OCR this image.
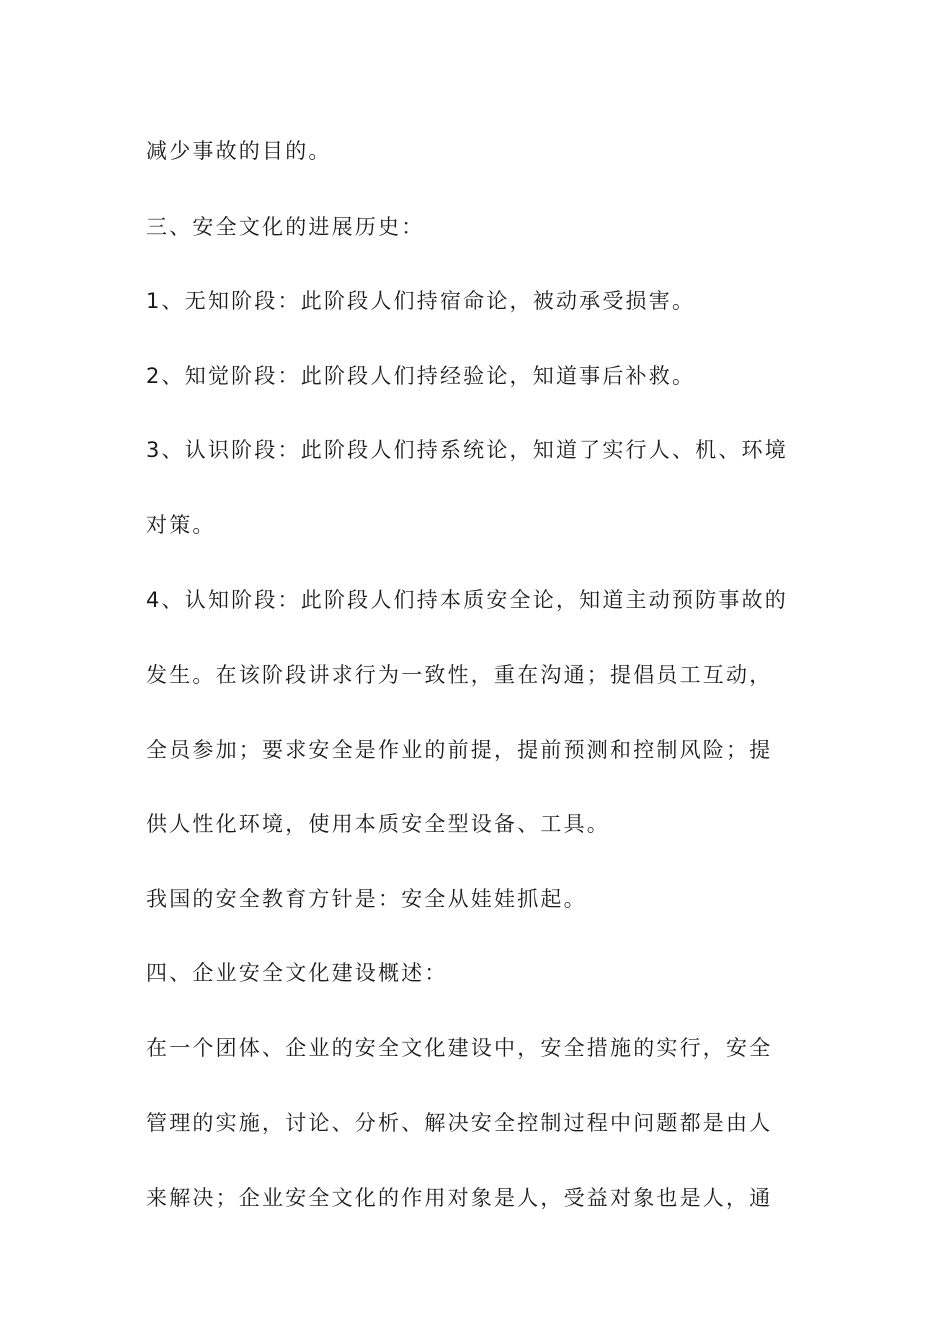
减少事故的目的。

三、安全文化的进展历史：

1、无知阶段：此阶段人们持宿命论，被动承受损害。

2、知觉阶段：此阶段人们持经验论，知道事后补救。

3、认识阶段：此阶段人们持系统论，知道了实行人、机、环境

对策。

4、认知阶段：此阶段人们持本质安全论，知道主动预防事故的

发生。在该阶段讲求行为一致性，重在沟通；提倡员工互动，

全员参加；要求安全是作业的前提，提前预测和控制风险；提

供人性化环境，使用本质安全型设备、工具。

我国的安全教育方针是：安全从娃娃抓起。

四、企业安全文化建设概述：

在一个团体、企业的安全文化建设中，安全措施的实行，安全

管理的实施，讨论、分析、解决安全控制过程中问题都是由人

来解决；企业安全文化的作用对象是人，受益对象也是人，通
